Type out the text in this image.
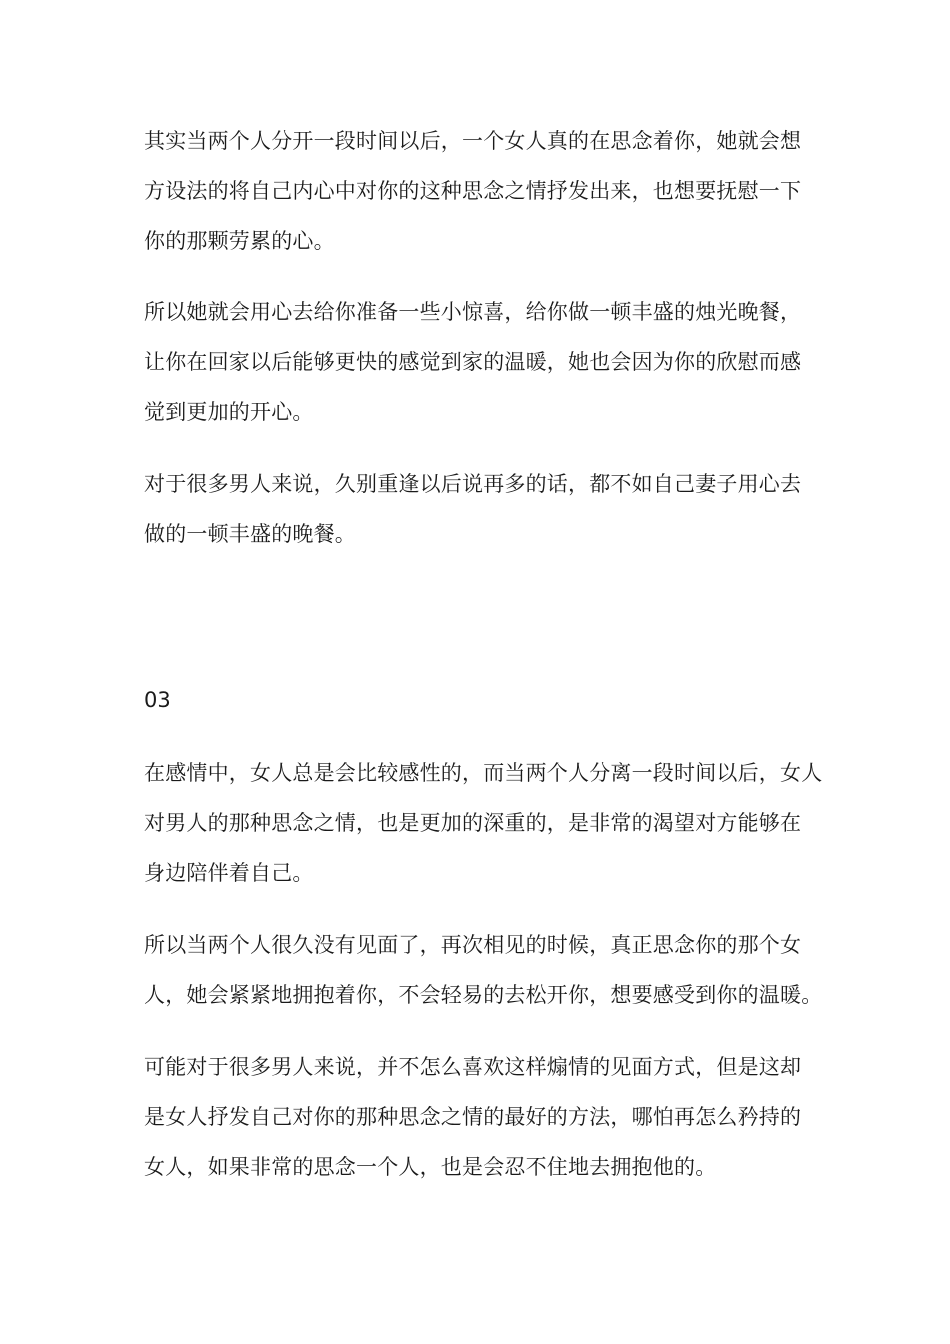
其实当两个人分开一段时间以后，一个女人真的在思念着你，她就会想
方设法的将自己内心中对你的这种思念之情抒发出来，也想要抚慰一下
你的那颗劳累的心。
所以她就会用心去给你准备一些小惊喜，给你做一顿丰盛的烛光晚餐，
让你在回家以后能够更快的感觉到家的温暖，她也会因为你的欣慰而感
觉到更加的开心。
对于很多男人来说，久别重逢以后说再多的话，都不如自己妻子用心去
做的一顿丰盛的晚餐。
03
在感情中，女人总是会比较感性的，而当两个人分离一段时间以后，女人
对男人的那种思念之情，也是更加的深重的，是非常的渴望对方能够在
身边陪伴着自己。
所以当两个人很久没有见面了，再次相见的时候，真正思念你的那个女
人，她会紧紧地拥抱着你，不会轻易的去松开你，想要感受到你的温暖。
可能对于很多男人来说，并不怎么喜欢这样煽情的见面方式，但是这却
是女人抒发自己对你的那种思念之情的最好的方法，哪怕再怎么矜持的
女人，如果非常的思念一个人，也是会忍不住地去拥抱他的。
